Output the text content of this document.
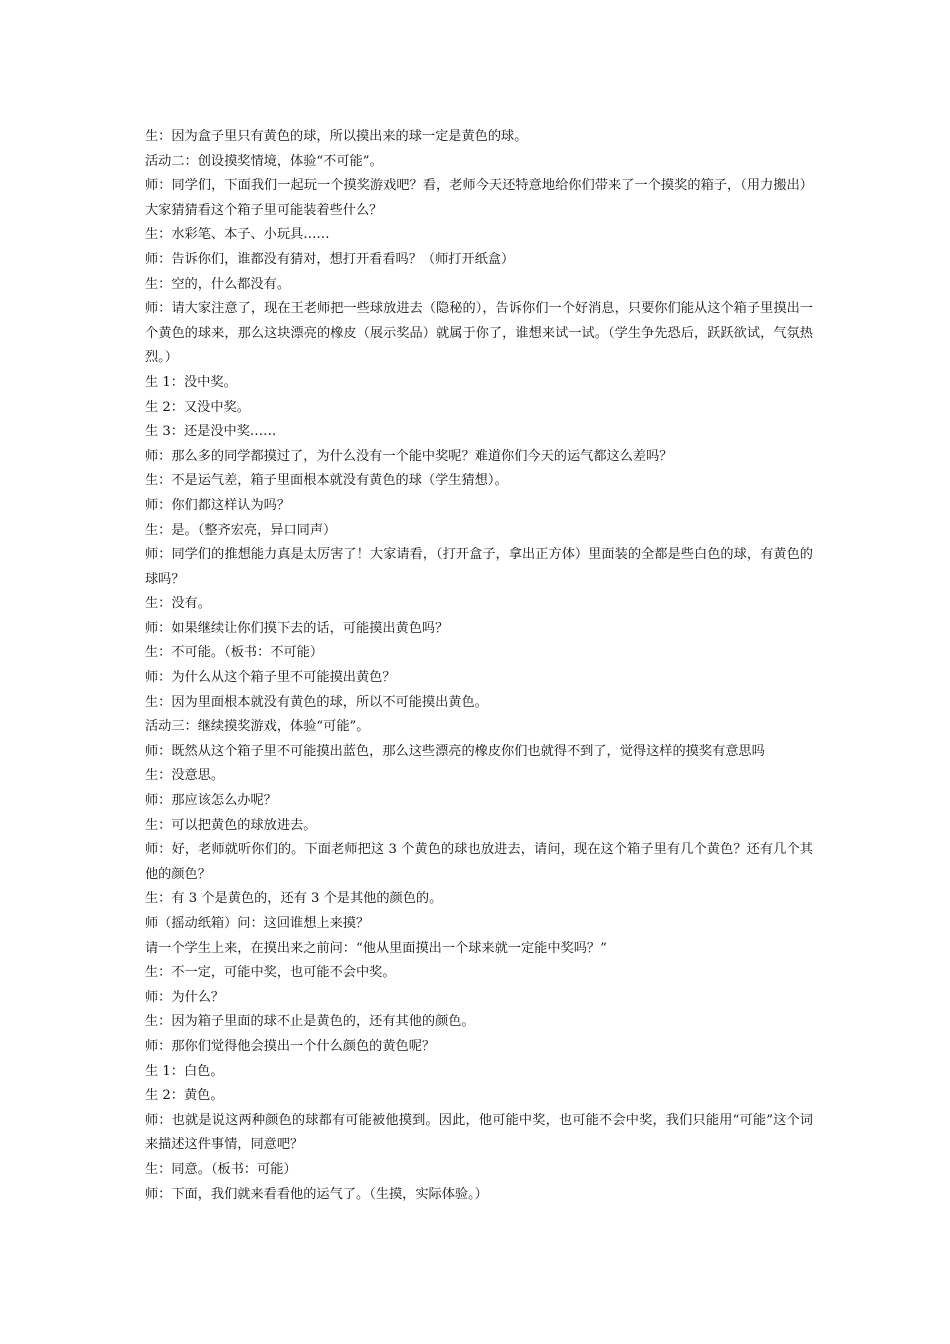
生：因为盒子里只有黄色的球，所以摸出来的球一定是黄色的球。

活动二：创设摸奖情境，体验“不可能”。

师：同学们，下面我们一起玩一个摸奖游戏吧？看，老师今天还特意地给你们带来了一个摸奖的箱子，（用力搬出）大家猜猜看这个箱子里可能装着些什么？

生：水彩笔、本子、小玩具……

师：告诉你们，谁都没有猜对，想打开看看吗？（师打开纸盒）

生：空的，什么都没有。

师：请大家注意了，现在王老师把一些球放进去（隐秘的），告诉你们一个好消息，只要你们能从这个箱子里摸出一个黄色的球来，那么这块漂亮的橡皮（展示奖品）就属于你了，谁想来试一试。（学生争先恐后，跃跃欲试，气氛热烈。）

生 1：没中奖。

生 2：又没中奖。

生 3：还是没中奖……

师：那么多的同学都摸过了，为什么没有一个能中奖呢？难道你们今天的运气都这么差吗？

生：不是运气差，箱子里面根本就没有黄色的球（学生猜想）。

师：你们都这样认为吗？

生：是。（整齐宏亮，异口同声）

师：同学们的推想能力真是太厉害了！大家请看，（打开盒子，拿出正方体）里面装的全都是些白色的球，有黄色的球吗？

生：没有。

师：如果继续让你们摸下去的话，可能摸出黄色吗？

生：不可能。（板书：不可能）

师：为什么从这个箱子里不可能摸出黄色？

生：因为里面根本就没有黄色的球，所以不可能摸出黄色。

活动三：继续摸奖游戏，体验“可能”。

师：既然从这个箱子里不可能摸出蓝色，那么这些漂亮的橡皮你们也就得不到了，觉得这样的摸奖有意思吗

生：没意思。

师：那应该怎么办呢？

生：可以把黄色的球放进去。

师：好，老师就听你们的。下面老师把这 3 个黄色的球也放进去，请问，现在这个箱子里有几个黄色？还有几个其他的颜色？

生：有 3 个是黄色的，还有 3 个是其他的颜色的。

师（摇动纸箱）问：这回谁想上来摸？

请一个学生上来，在摸出来之前问：“他从里面摸出一个球来就一定能中奖吗？”

生：不一定，可能中奖，也可能不会中奖。

师：为什么？

生：因为箱子里面的球不止是黄色的，还有其他的颜色。

师：那你们觉得他会摸出一个什么颜色的黄色呢？

生 1：白色。

生 2：黄色。

师：也就是说这两种颜色的球都有可能被他摸到。因此，他可能中奖，也可能不会中奖，我们只能用“可能”这个词来描述这件事情，同意吧？

生：同意。（板书：可能）

师：下面，我们就来看看他的运气了。（生摸，实际体验。）
